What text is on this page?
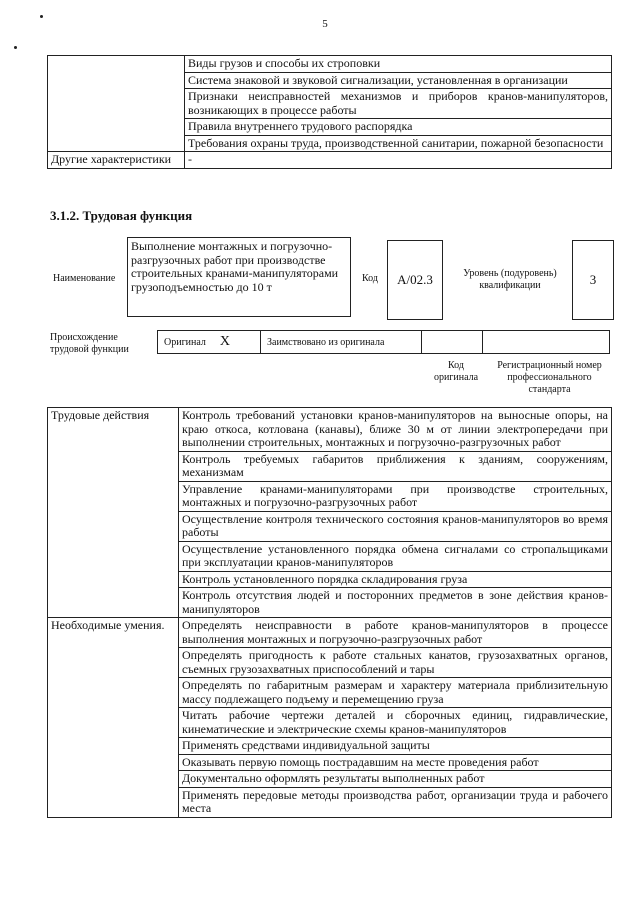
5
	Виды грузов и способы их строповки
	Система знаковой и звуковой сигнализации, установленная в организации
	Признаки неисправностей механизмов и приборов кранов-манипуляторов, возникающих в процессе работы
	Правила внутреннего трудового распорядка
	Требования охраны труда, производственной санитарии, пожарной безопасности
Другие характеристики	-
3.1.2. Трудовая функция
Наименование
Выполнение монтажных и погрузочно-разгрузочных работ при производстве строительных кранами-манипуляторами грузоподъемностью до 10 т
Код	А/02.3	Уровень (подуровень) квалификации	3
Происхождение трудовой функции
Оригинал X	Заимствовано из оригинала
Код оригинала
Регистрационный номер профессионального стандарта
Трудовые действия	Контроль требований установки кранов-манипуляторов на выносные опоры, на краю откоса, котлована (канавы), ближе 30 м от линии электропередачи при выполнении строительных, монтажных и погрузочно-разгрузочных работ
	Контроль требуемых габаритов приближения к зданиям, сооружениям, механизмам
	Управление кранами-манипуляторами при производстве строительных, монтажных и погрузочно-разгрузочных работ
	Осуществление контроля технического состояния кранов-манипуляторов во время работы
	Осуществление установленного порядка обмена сигналами со стропальщиками при эксплуатации кранов-манипуляторов
	Контроль установленного порядка складирования груза
	Контроль отсутствия людей и посторонних предметов в зоне действия кранов-манипуляторов
Необходимые умения.	Определять неисправности в работе кранов-манипуляторов в процессе выполнения монтажных и погрузочно-разгрузочных работ
	Определять пригодность к работе стальных канатов, грузозахватных органов, съемных грузозахватных приспособлений и тары
	Определять по габаритным размерам и характеру материала приблизительную массу подлежащего подъему и перемещению груза
	Читать рабочие чертежи деталей и сборочных единиц, гидравлические, кинематические и электрические схемы кранов-манипуляторов
	Применять средствами индивидуальной защиты
	Оказывать первую помощь пострадавшим на месте проведения работ
	Документально оформлять результаты выполненных работ
	Применять передовые методы производства работ, организации труда и рабочего места
